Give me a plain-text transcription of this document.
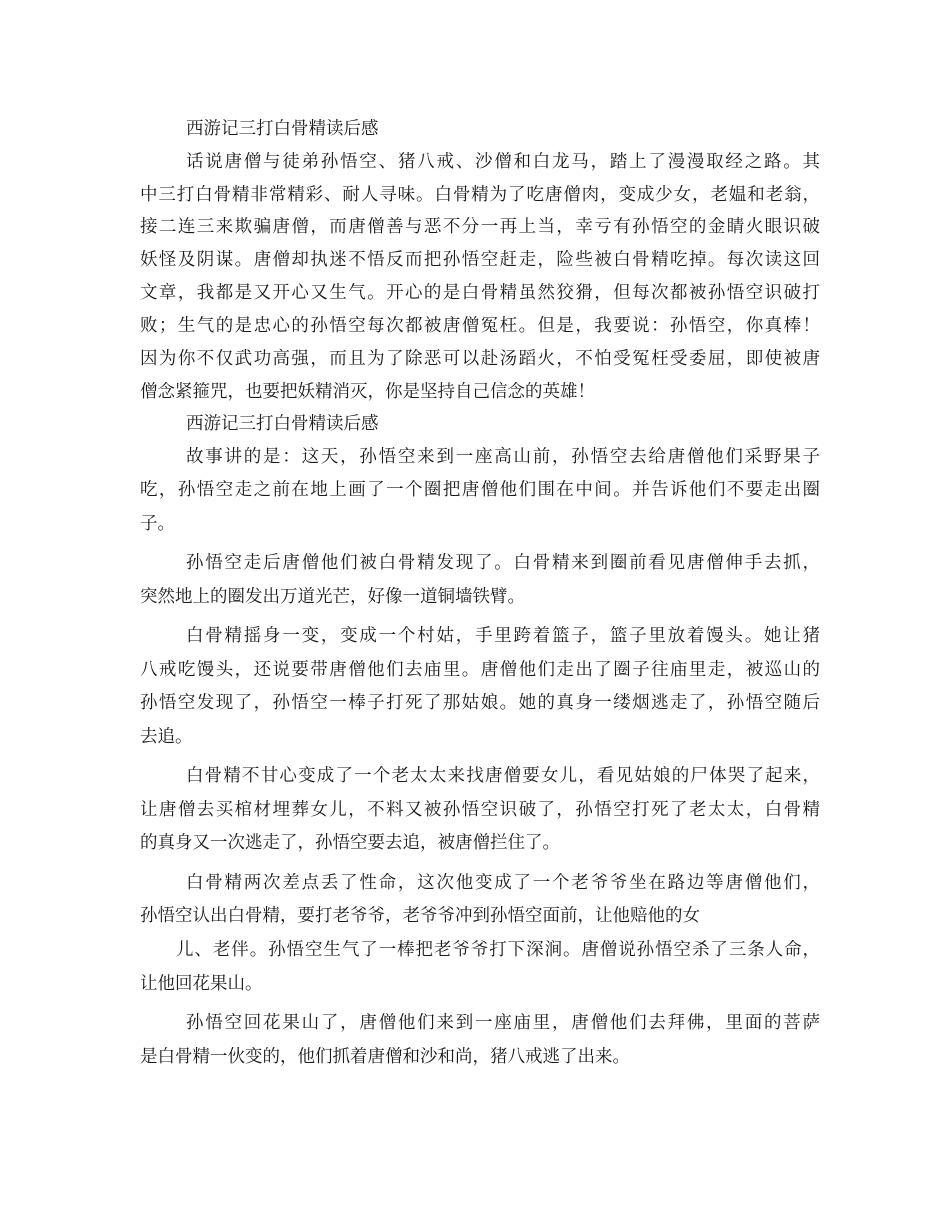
西游记三打白骨精读后感
话说唐僧与徒弟孙悟空、猪八戒、沙僧和白龙马，踏上了漫漫取经之路。其
中三打白骨精非常精彩、耐人寻味。白骨精为了吃唐僧肉，变成少女，老媪和老翁，
接二连三来欺骗唐僧，而唐僧善与恶不分一再上当，幸亏有孙悟空的金睛火眼识破
妖怪及阴谋。唐僧却执迷不悟反而把孙悟空赶走，险些被白骨精吃掉。每次读这回
文章，我都是又开心又生气。开心的是白骨精虽然狡猾，但每次都被孙悟空识破打
败；生气的是忠心的孙悟空每次都被唐僧冤枉。但是，我要说：孙悟空，你真棒！
因为你不仅武功高强，而且为了除恶可以赴汤蹈火，不怕受冤枉受委屈，即使被唐
僧念紧箍咒，也要把妖精消灭，你是坚持自己信念的英雄！
西游记三打白骨精读后感
故事讲的是：这天，孙悟空来到一座高山前，孙悟空去给唐僧他们采野果子
吃，孙悟空走之前在地上画了一个圈把唐僧他们围在中间。并告诉他们不要走出圈
子。
孙悟空走后唐僧他们被白骨精发现了。白骨精来到圈前看见唐僧伸手去抓，
突然地上的圈发出万道光芒，好像一道铜墙铁臂。
白骨精摇身一变，变成一个村姑，手里跨着篮子，篮子里放着馒头。她让猪
八戒吃馒头，还说要带唐僧他们去庙里。唐僧他们走出了圈子往庙里走，被巡山的
孙悟空发现了，孙悟空一棒子打死了那姑娘。她的真身一缕烟逃走了，孙悟空随后
去追。
白骨精不甘心变成了一个老太太来找唐僧要女儿，看见姑娘的尸体哭了起来，
让唐僧去买棺材埋葬女儿，不料又被孙悟空识破了，孙悟空打死了老太太，白骨精
的真身又一次逃走了，孙悟空要去追，被唐僧拦住了。
白骨精两次差点丢了性命，这次他变成了一个老爷爷坐在路边等唐僧他们，
孙悟空认出白骨精，要打老爷爷，老爷爷冲到孙悟空面前，让他赔他的女
儿、老伴。孙悟空生气了一棒把老爷爷打下深涧。唐僧说孙悟空杀了三条人命，
让他回花果山。
孙悟空回花果山了，唐僧他们来到一座庙里，唐僧他们去拜佛，里面的菩萨
是白骨精一伙变的，他们抓着唐僧和沙和尚，猪八戒逃了出来。
